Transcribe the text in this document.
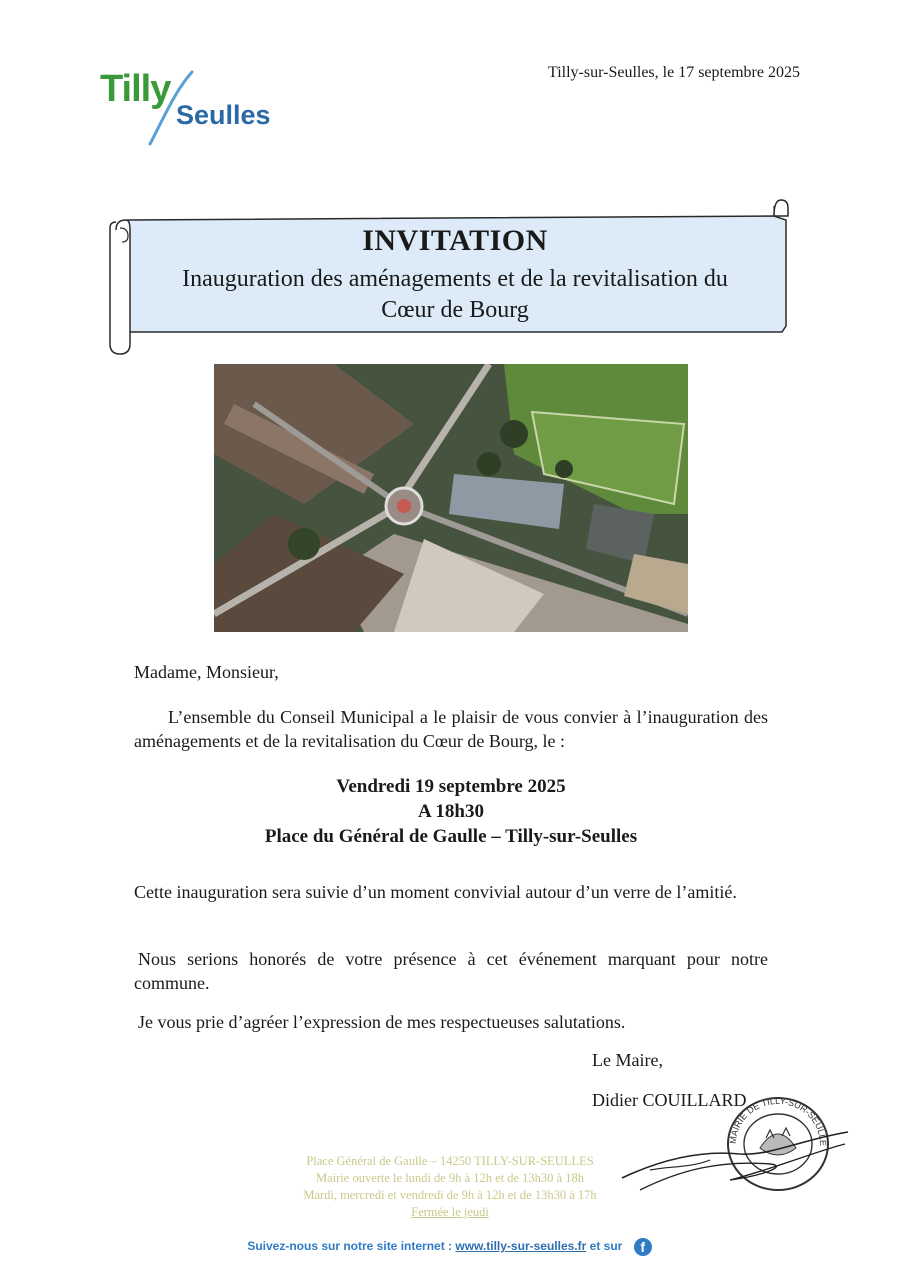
Tilly
Seulles
Tilly-sur-Seulles, le 17 septembre 2025
INVITATION
Inauguration des aménagements et de la revitalisation du
Cœur de Bourg
Madame, Monsieur,
L’ensemble du Conseil Municipal a le plaisir de vous convier à l’inauguration des aménagements et de la revitalisation du Cœur de Bourg, le :
Vendredi 19 septembre 2025
A 18h30
Place du Général de Gaulle – Tilly-sur-Seulles
Cette inauguration sera suivie d’un moment convivial autour d’un verre de l’amitié.
Nous serions honorés de votre présence à cet événement marquant pour notre commune.
Je vous prie d’agréer l’expression de mes respectueuses salutations.
Le Maire,
Didier COUILLARD
MAIRIE DE TILLY-SUR-SEULLE
Place Général de Gaulle – 14250 TILLY-SUR-SEULLES
Mairie ouverte le lundi de 9h à 12h et de 13h30 à 18h
Mardi, mercredi et vendredi de 9h à 12h et de 13h30 à 17h
Fermée le jeudi
Suivez-nous sur notre site internet : www.tilly-sur-seulles.fr et sur f
